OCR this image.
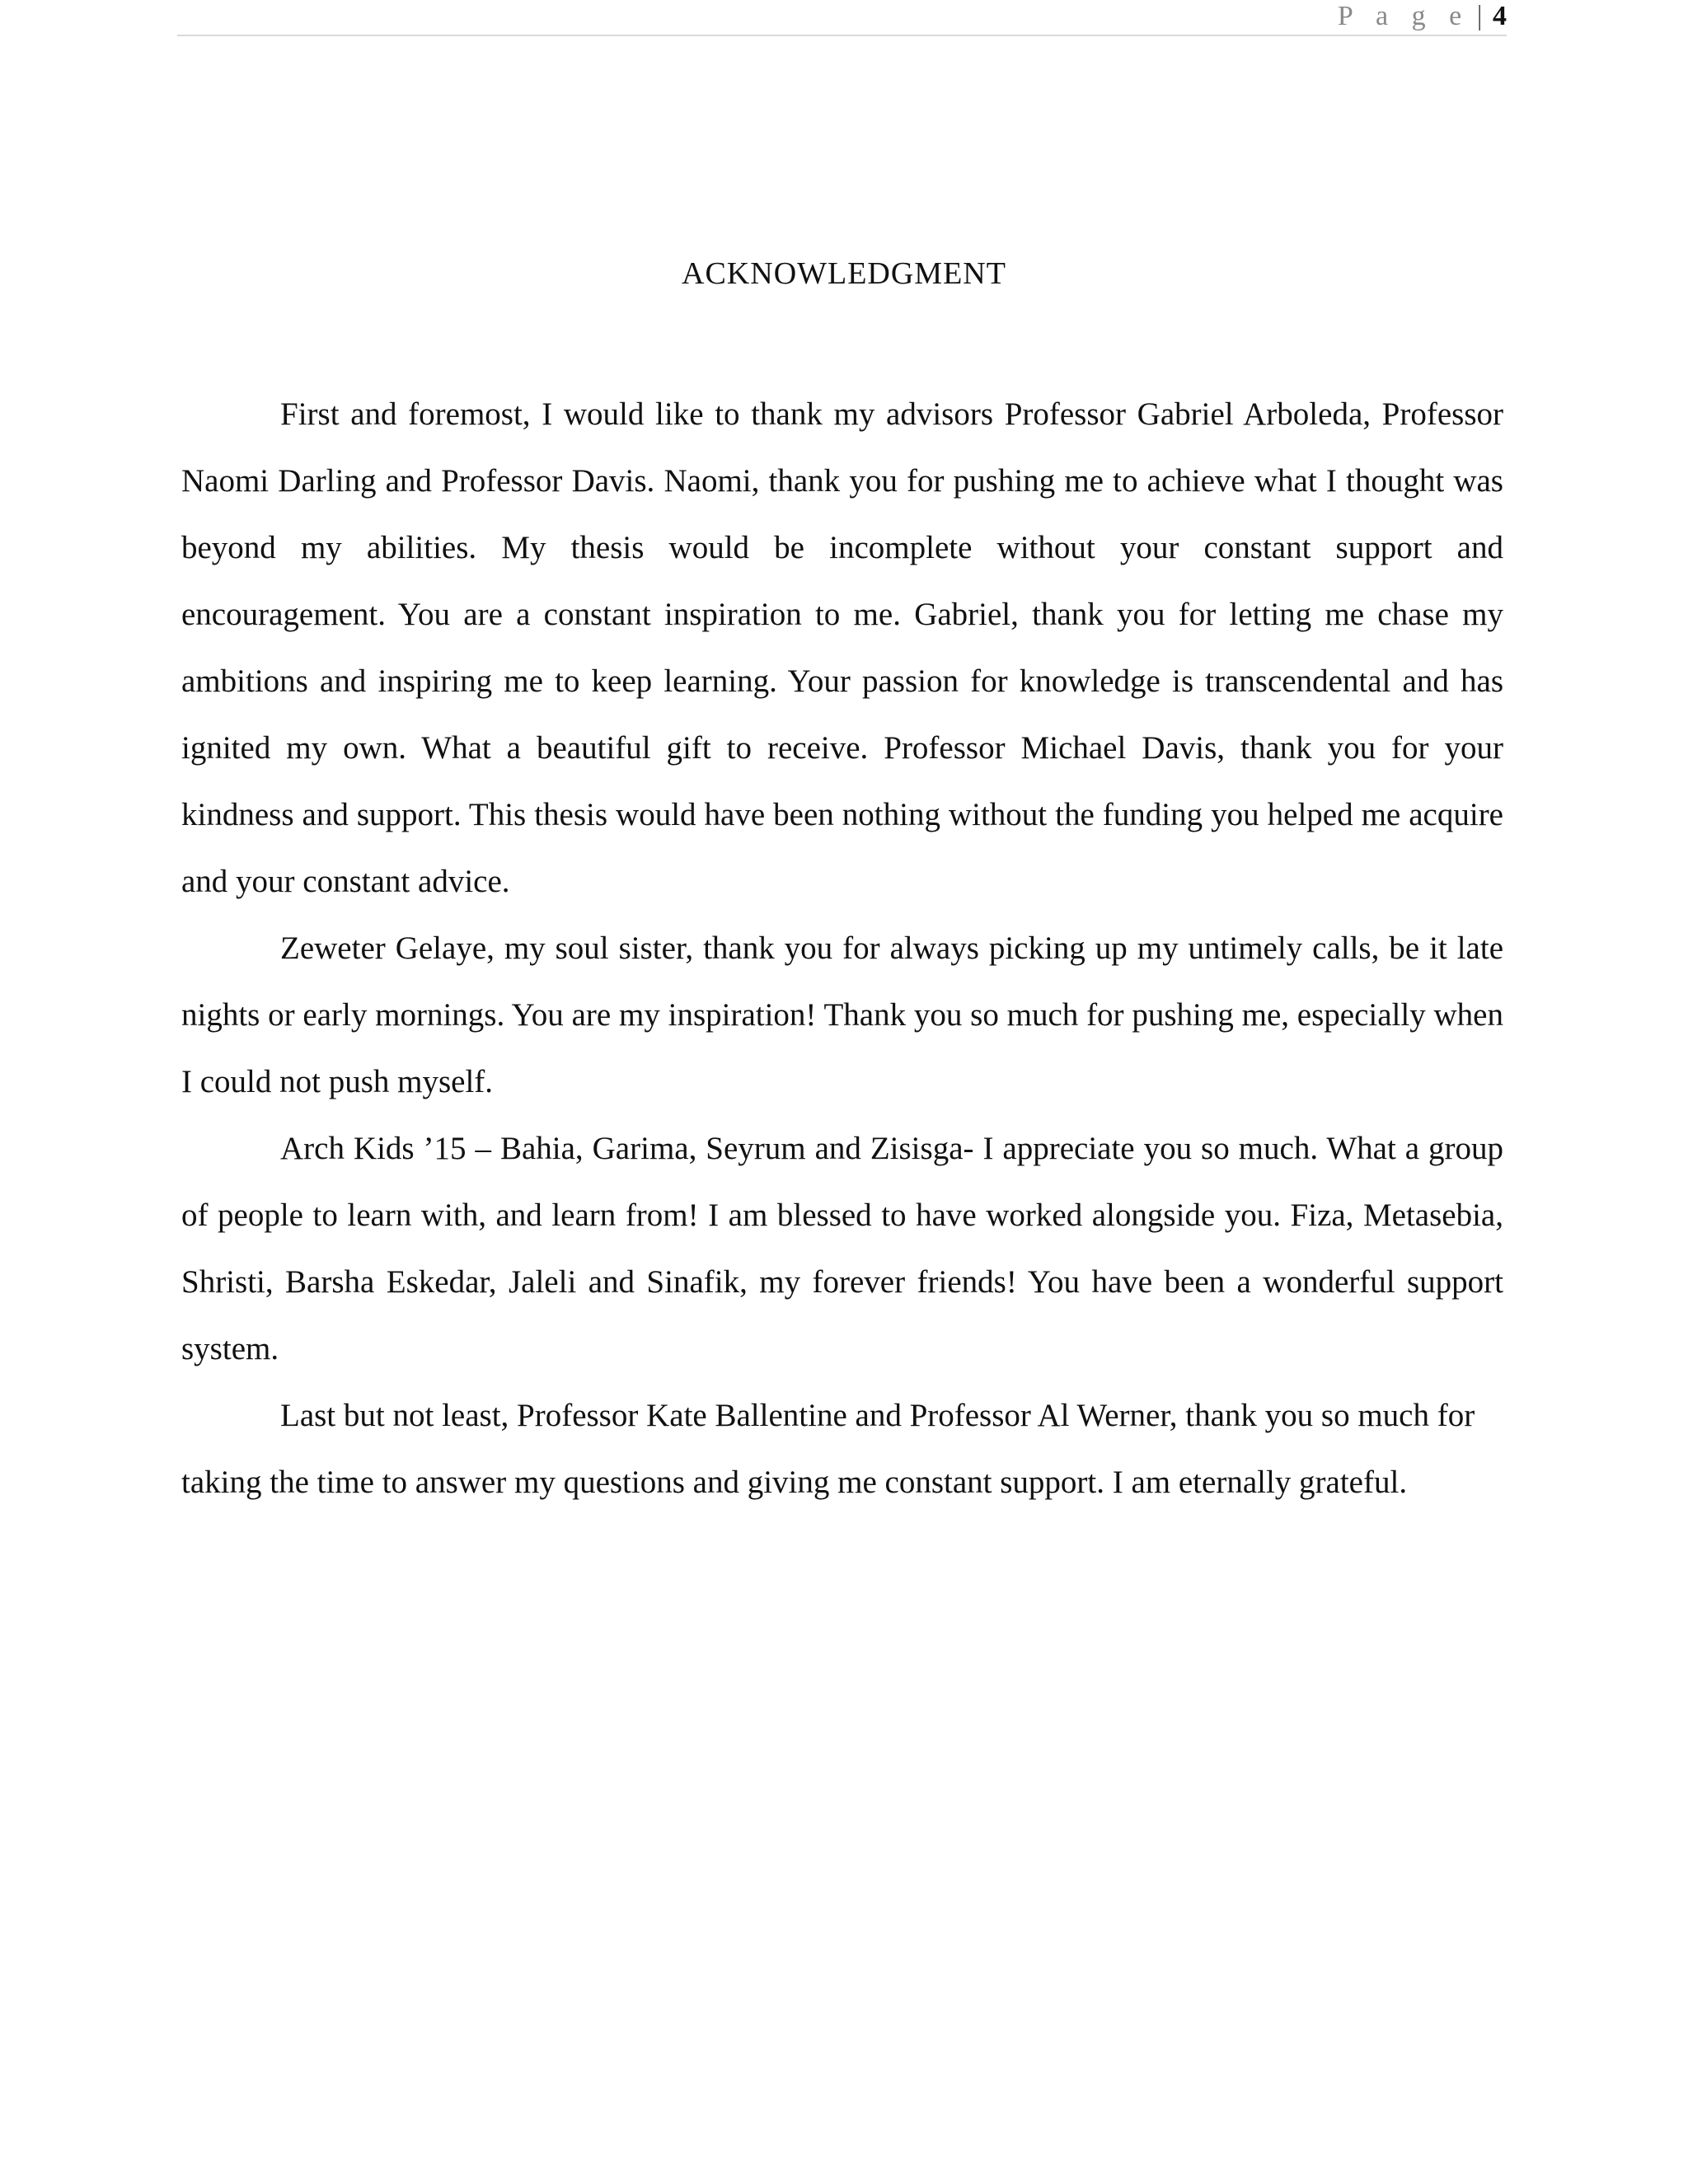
P a g e | 4
ACKNOWLEDGMENT

First and foremost, I would like to thank my advisors Professor Gabriel Arboleda, Professor Naomi Darling and Professor Davis. Naomi, thank you for pushing me to achieve what I thought was beyond my abilities. My thesis would be incomplete without your constant support and encouragement. You are a constant inspiration to me. Gabriel, thank you for letting me chase my ambitions and inspiring me to keep learning. Your passion for knowledge is transcendental and has ignited my own. What a beautiful gift to receive. Professor Michael Davis, thank you for your kindness and support. This thesis would have been nothing without the funding you helped me acquire and your constant advice.

Zeweter Gelaye, my soul sister, thank you for always picking up my untimely calls, be it late nights or early mornings. You are my inspiration! Thank you so much for pushing me, especially when I could not push myself.

Arch Kids ’15 – Bahia, Garima, Seyrum and Zisisga- I appreciate you so much. What a group of people to learn with, and learn from! I am blessed to have worked alongside you. Fiza, Metasebia, Shristi, Barsha Eskedar, Jaleli and Sinafik, my forever friends! You have been a wonderful support system.

Last but not least, Professor Kate Ballentine and Professor Al Werner, thank you so much for taking the time to answer my questions and giving me constant support. I am eternally grateful.
